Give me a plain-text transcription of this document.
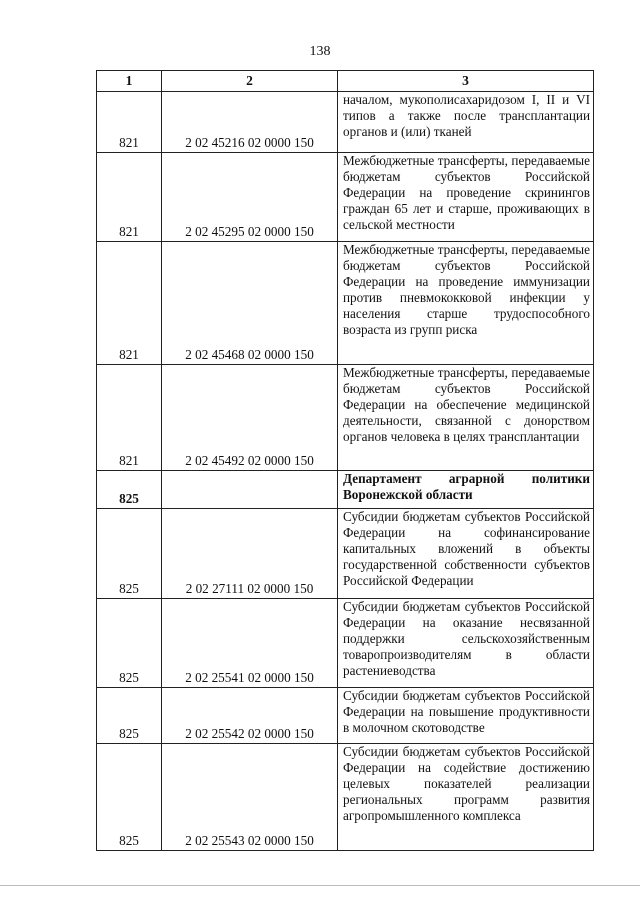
138
1	2	3
821	2 02 45216 02 0000 150	началом, мукополисахаридозом I, II и VI типов а также после трансплантации органов и (или) тканей
821	2 02 45295 02 0000 150	Межбюджетные трансферты, передаваемые бюджетам субъектов Российской Федерации на проведение скринингов граждан 65 лет и старше, проживающих в сельской местности
821	2 02 45468 02 0000 150	Межбюджетные трансферты, передаваемые бюджетам субъектов Российской Федерации на проведение иммунизации против пневмококковой инфекции у населения старше трудоспособного возраста из групп риска
821	2 02 45492 02 0000 150	Межбюджетные трансферты, передаваемые бюджетам субъектов Российской Федерации на обеспечение медицинской деятельности, связанной с донорством органов человека в целях трансплантации
825		Департамент аграрной политики Воронежской области
825	2 02 27111 02 0000 150	Субсидии бюджетам субъектов Российской Федерации на софинансирование капитальных вложений в объекты государственной собственности субъектов Российской Федерации
825	2 02 25541 02 0000 150	Субсидии бюджетам субъектов Российской Федерации на оказание несвязанной поддержки сельскохозяйственным товаропроизводителям в области растениеводства
825	2 02 25542 02 0000 150	Субсидии бюджетам субъектов Российской Федерации на повышение продуктивности в молочном скотоводстве
825	2 02 25543 02 0000 150	Субсидии бюджетам субъектов Российской Федерации на содействие достижению целевых показателей реализации региональных программ развития агропромышленного комплекса
